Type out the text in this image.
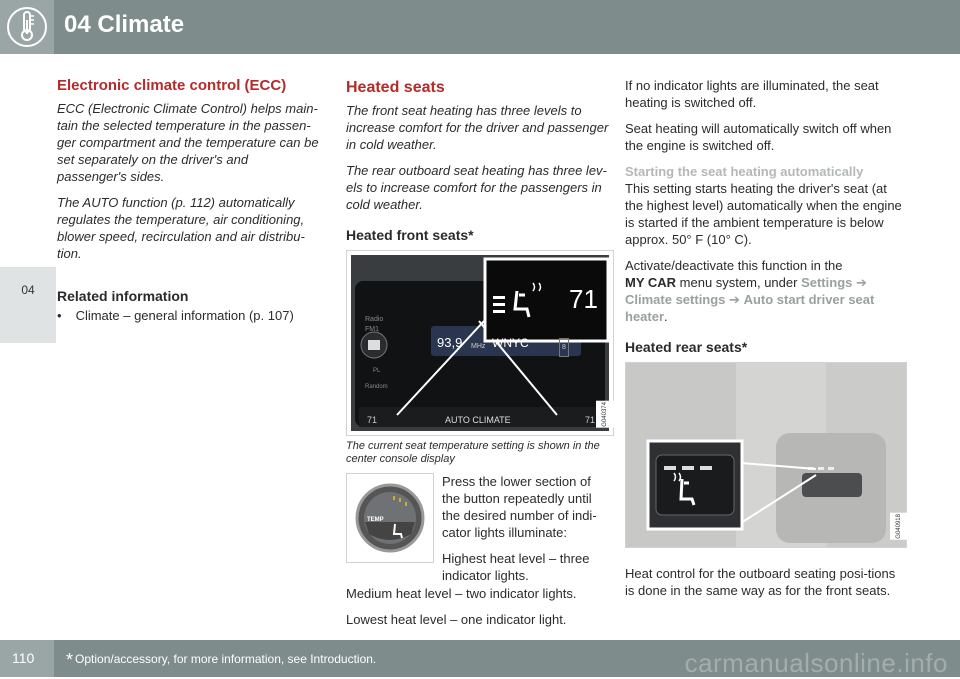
04 Climate
04
Electronic climate control (ECC)

ECC (Electronic Climate Control) helps main-tain the selected temperature in the passen-ger compartment and the temperature can be set separately on the driver's and passenger's sides.

The AUTO function (p. 112) automatically regulates the temperature, air conditioning, blower speed, recirculation and air distribu-tion.

Related information
• Climate – general information (p. 107)
Heated seats

The front seat heating has three levels to increase comfort for the driver and passenger in cold weather.

The rear outboard seat heating has three lev-els to increase comfort for the passengers in cold weather.

Heated front seats*
Radio
FM1
93,9 MHz WNYC	8
PL
Random
71	AUTO CLIMATE	71
71
G040374
The current seat temperature setting is shown in the center console display
TEMP

Press the lower section of the button repeatedly until the desired number of indi-cator lights illuminate:

Highest heat level – three indicator lights.

Medium heat level – two indicator lights.

Lowest heat level – one indicator light.

If no indicator lights are illuminated, the seat heating is switched off.

Seat heating will automatically switch off when the engine is switched off.

Starting the seat heating automatically

This setting starts heating the driver's seat (at the highest level) automatically when the engine is started if the ambient temperature is below approx. 50° F (10° C).

Activate/deactivate this function in the
MY CAR menu system, under Settings ➔
Climate settings ➔ Auto start driver seat heater.

Heated rear seats*
G040918

Heat control for the outboard seating posi-tions is done in the same way as for the front seats.

110 * Option/accessory, for more information, see Introduction.	carmanualsonline.info
